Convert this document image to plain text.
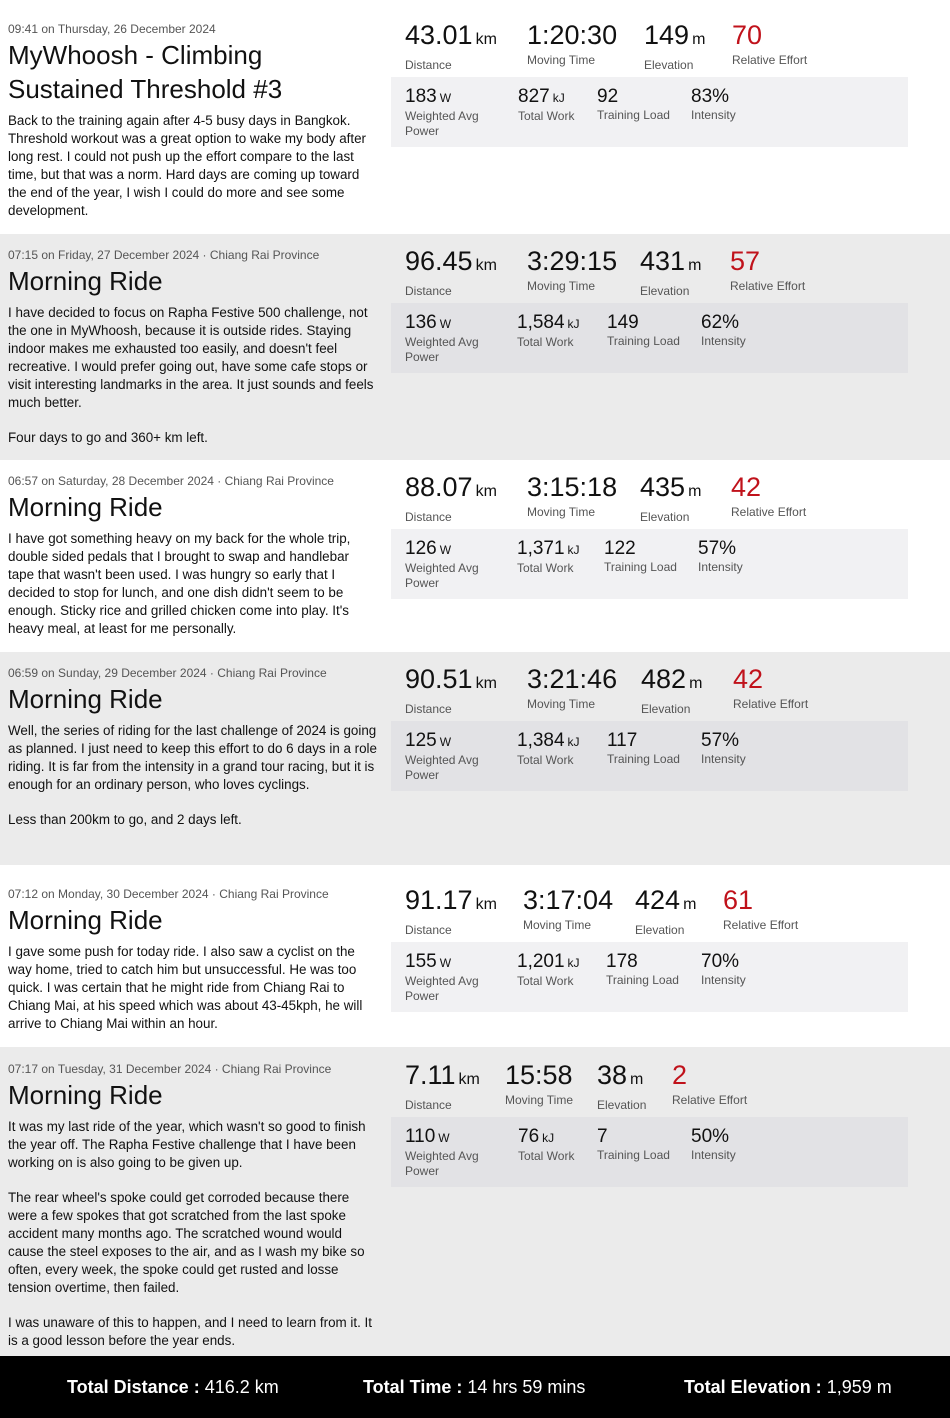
09:41 on Thursday, 26 December 2024
MyWhoosh - Climbing Sustained Threshold #3

Back to the training again after 4-5 busy days in Bangkok. Threshold workout was a great option to wake my body after long rest. I could not push up the effort compare to the last time, but that was a norm. Hard days are coming up toward the end of the year, I wish I could do more and see some development.

43.01 km
Distance
1:20:30
Moving Time
149 m
Elevation
70
Relative Effort
183 W
Weighted Avg
Power
827 kJ
Total Work
92
Training Load
83%
Intensity
07:15 on Friday, 27 December 2024 · Chiang Rai Province
Morning Ride

I have decided to focus on Rapha Festive 500 challenge, not the one in MyWhoosh, because it is outside rides. Staying indoor makes me exhausted too easily, and doesn't feel recreative. I would prefer going out, have some cafe stops or visit interesting landmarks in the area. It just sounds and feels much better.

Four days to go and 360+ km left.

96.45 km
Distance
3:29:15
Moving Time
431 m
Elevation
57
Relative Effort
136 W
Weighted Avg
Power
1,584 kJ
Total Work
149
Training Load
62%
Intensity
06:57 on Saturday, 28 December 2024 · Chiang Rai Province
Morning Ride

I have got something heavy on my back for the whole trip, double sided pedals that I brought to swap and handlebar tape that wasn't been used. I was hungry so early that I decided to stop for lunch, and one dish didn't seem to be enough. Sticky rice and grilled chicken come into play. It's heavy meal, at least for me personally.

88.07 km
Distance
3:15:18
Moving Time
435 m
Elevation
42
Relative Effort
126 W
Weighted Avg
Power
1,371 kJ
Total Work
122
Training Load
57%
Intensity
06:59 on Sunday, 29 December 2024 · Chiang Rai Province
Morning Ride

Well, the series of riding for the last challenge of 2024 is going as planned. I just need to keep this effort to do 6 days in a role riding. It is far from the intensity in a grand tour racing, but it is enough for an ordinary person, who loves cyclings.

Less than 200km to go, and 2 days left.

90.51 km
Distance
3:21:46
Moving Time
482 m
Elevation
42
Relative Effort
125 W
Weighted Avg
Power
1,384 kJ
Total Work
117
Training Load
57%
Intensity
07:12 on Monday, 30 December 2024 · Chiang Rai Province
Morning Ride

I gave some push for today ride. I also saw a cyclist on the way home, tried to catch him but unsuccessful. He was too quick. I was certain that he might ride from Chiang Rai to Chiang Mai, at his speed which was about 43-45kph, he will arrive to Chiang Mai within an hour.

91.17 km
Distance
3:17:04
Moving Time
424 m
Elevation
61
Relative Effort
155 W
Weighted Avg
Power
1,201 kJ
Total Work
178
Training Load
70%
Intensity
07:17 on Tuesday, 31 December 2024 · Chiang Rai Province
Morning Ride

It was my last ride of the year, which wasn't so good to finish the year off. The Rapha Festive challenge that I have been working on is also going to be given up.

The rear wheel's spoke could get corroded because there were a few spokes that got scratched from the last spoke accident many months ago. The scratched wound would cause the steel exposes to the air, and as I wash my bike so often, every week, the spoke could get rusted and losse tension overtime, then failed.

I was unaware of this to happen, and I need to learn from it. It is a good lesson before the year ends.

7.11 km
Distance
15:58
Moving Time
38 m
Elevation
2
Relative Effort
110 W
Weighted Avg
Power
76 kJ
Total Work
7
Training Load
50%
Intensity
Total Distance : 416.2 km	Total Time : 14 hrs 59 mins	Total Elevation : 1,959 m
